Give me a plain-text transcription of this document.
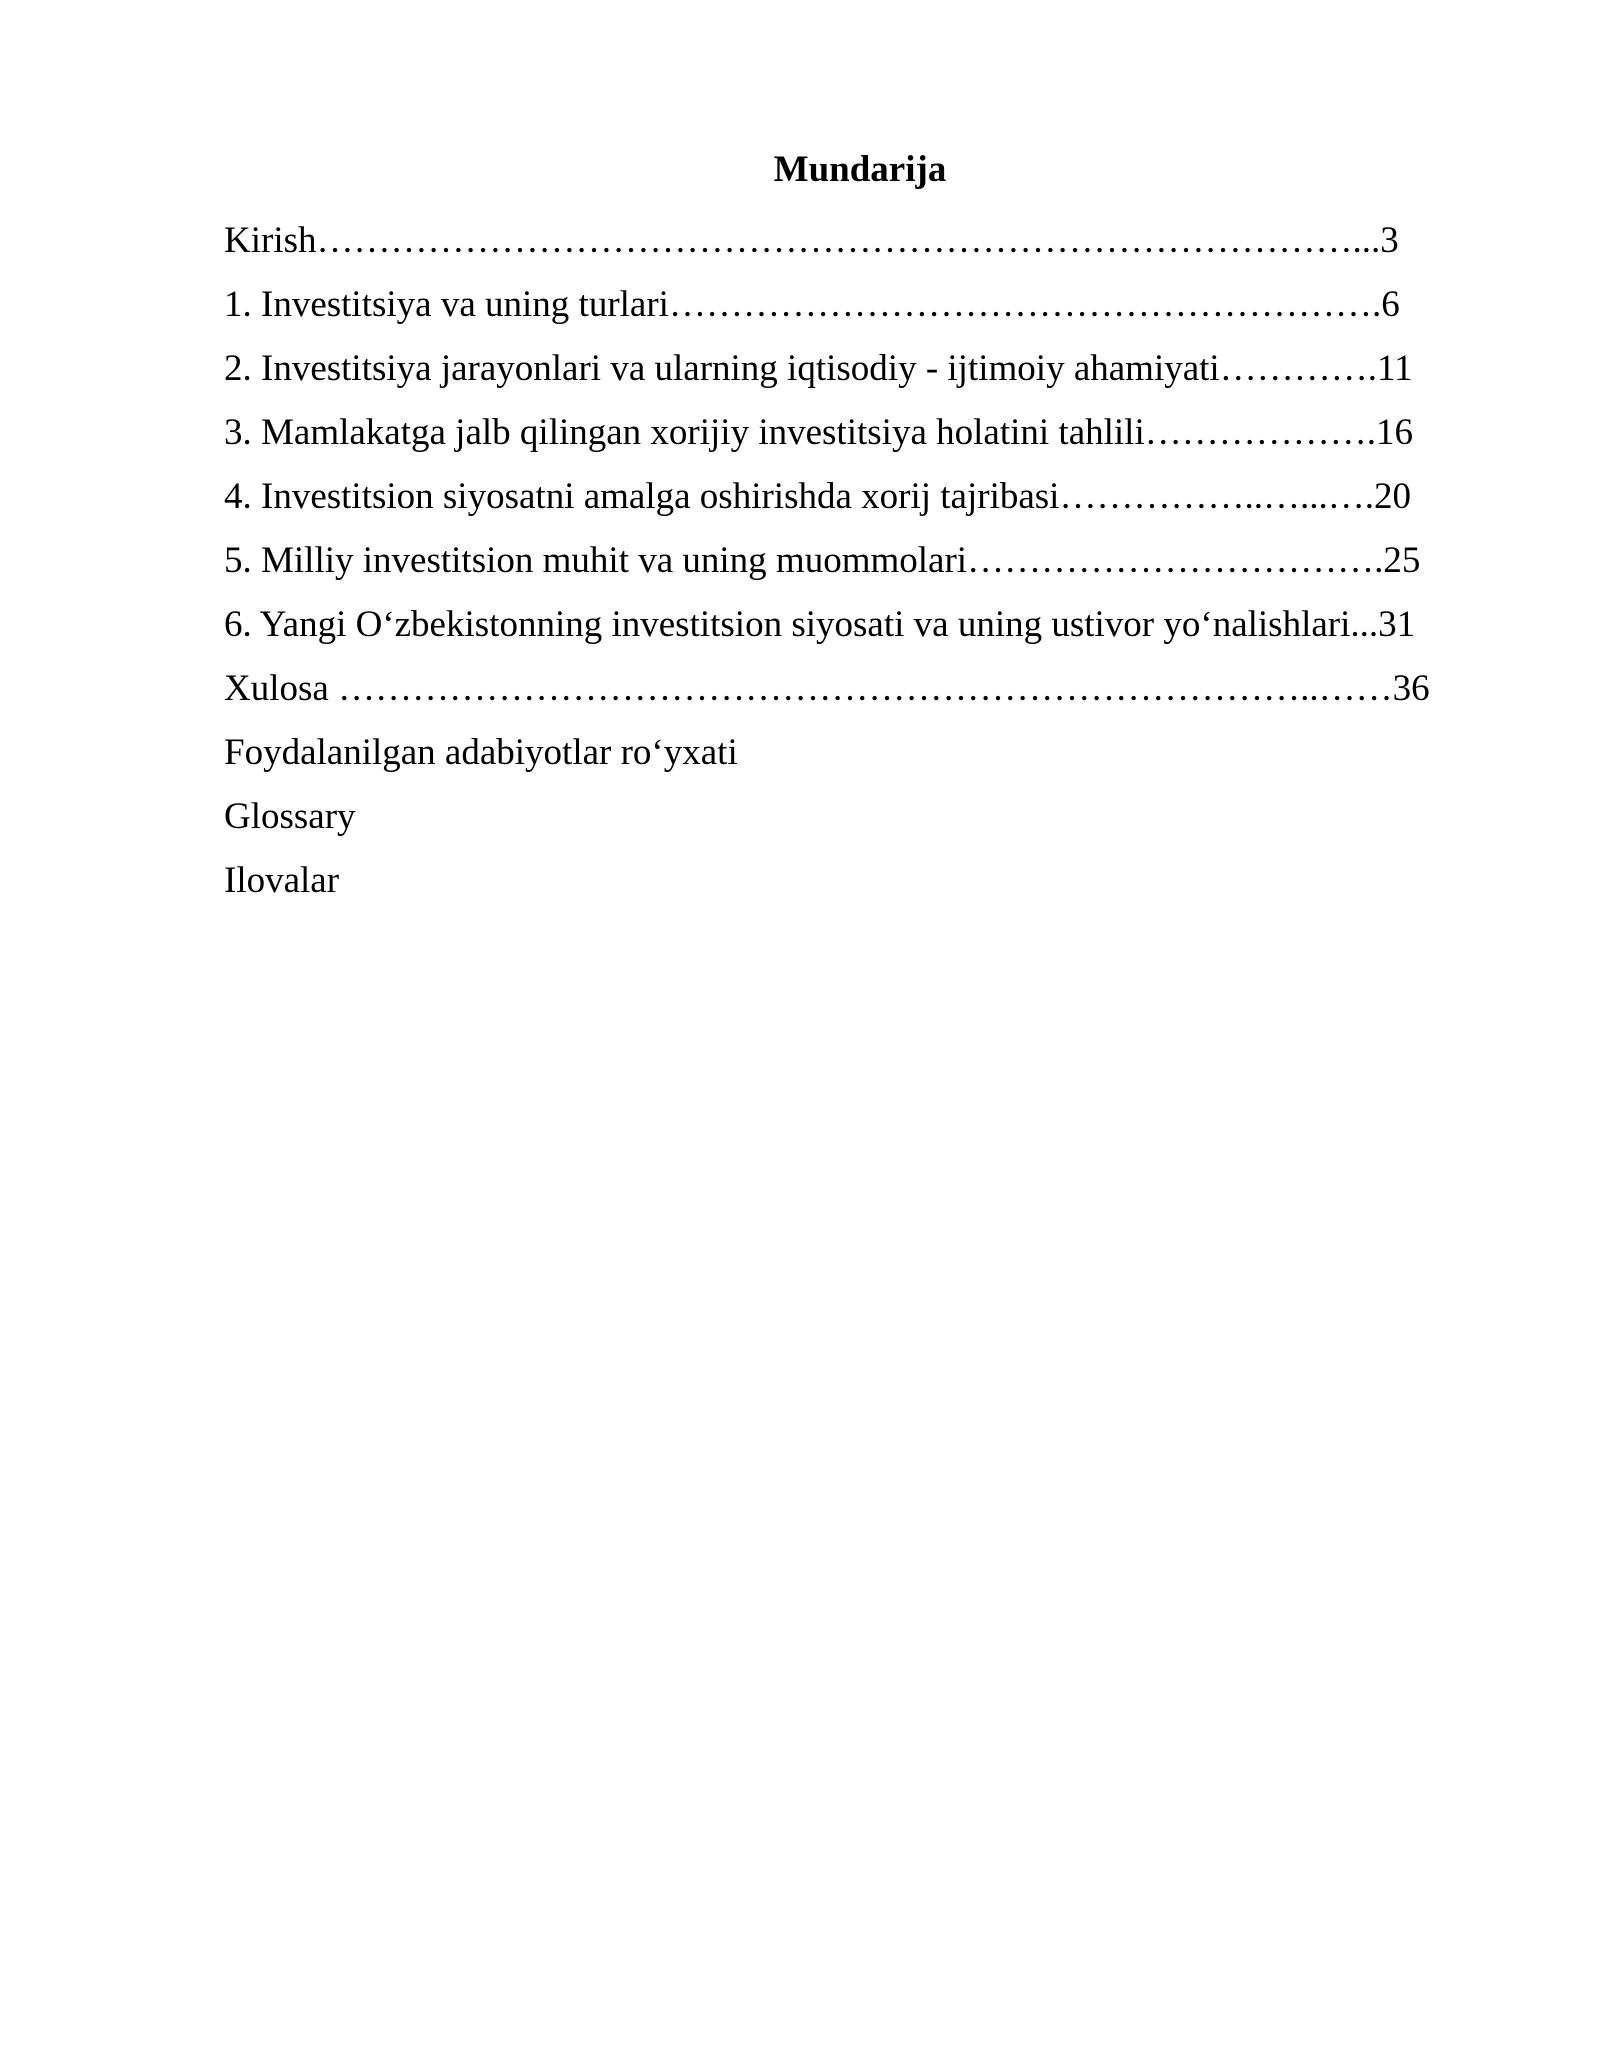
Mundarija
Kirish…………………………………………………………………………...3
1. Investitsiya va uning turlari………………………………………………….6
2. Investitsiya jarayonlari va ularning iqtisodiy - ijtimoiy ahamiyati………….11
3. Mamlakatga jalb qilingan xorijiy investitsiya holatini tahlili……………….16
4. Investitsion siyosatni amalga oshirishda xorij tajribasi……………..…...….20
5. Milliy investitsion muhit va uning muommolari…………………………….25
6. Yangi O‘zbekistonning investitsion siyosati va uning ustivor yo‘nalishlari...31
Xulosa ……………………………………………………………………..……36
Foydalanilgan adabiyotlar ro‘yxati
Glossary
Ilovalar
